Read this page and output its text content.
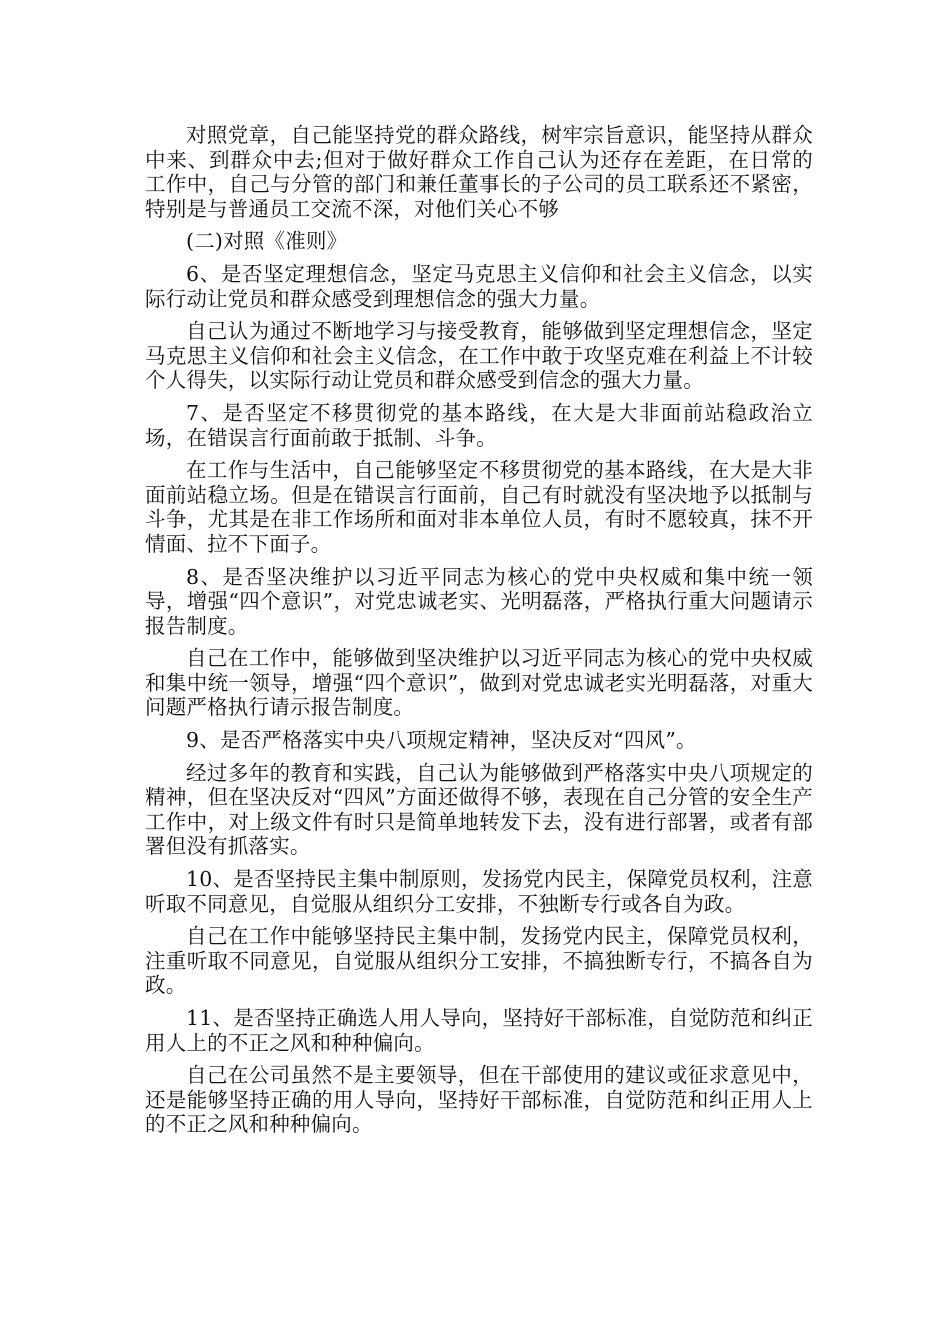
对照党章，自己能坚持党的群众路线，树牢宗旨意识，能坚持从群众中来、到群众中去;但对于做好群众工作自己认为还存在差距，在日常的工作中，自己与分管的部门和兼任董事长的子公司的员工联系还不紧密，特别是与普通员工交流不深，对他们关心不够

(二)对照《准则》

6、是否坚定理想信念，坚定马克思主义信仰和社会主义信念，以实际行动让党员和群众感受到理想信念的强大力量。

自己认为通过不断地学习与接受教育，能够做到坚定理想信念，坚定马克思主义信仰和社会主义信念，在工作中敢于攻坚克难在利益上不计较个人得失，以实际行动让党员和群众感受到信念的强大力量。

7、是否坚定不移贯彻党的基本路线，在大是大非面前站稳政治立场，在错误言行面前敢于抵制、斗争。

在工作与生活中，自己能够坚定不移贯彻党的基本路线，在大是大非面前站稳立场。但是在错误言行面前，自己有时就没有坚决地予以抵制与斗争，尤其是在非工作场所和面对非本单位人员，有时不愿较真，抹不开情面、拉不下面子。

8、是否坚决维护以习近平同志为核心的党中央权威和集中统一领导，增强“四个意识”，对党忠诚老实、光明磊落，严格执行重大问题请示报告制度。

自己在工作中，能够做到坚决维护以习近平同志为核心的党中央权威和集中统一领导，增强“四个意识”，做到对党忠诚老实光明磊落，对重大问题严格执行请示报告制度。

9、是否严格落实中央八项规定精神，坚决反对“四风”。

经过多年的教育和实践，自己认为能够做到严格落实中央八项规定的精神，但在坚决反对“四风”方面还做得不够，表现在自己分管的安全生产工作中，对上级文件有时只是简单地转发下去，没有进行部署，或者有部署但没有抓落实。

10、是否坚持民主集中制原则，发扬党内民主，保障党员权利，注意听取不同意见，自觉服从组织分工安排，不独断专行或各自为政。

自己在工作中能够坚持民主集中制，发扬党内民主，保障党员权利，注重听取不同意见，自觉服从组织分工安排，不搞独断专行，不搞各自为政。

11、是否坚持正确选人用人导向，坚持好干部标准，自觉防范和纠正用人上的不正之风和种种偏向。

自己在公司虽然不是主要领导，但在干部使用的建议或征求意见中，还是能够坚持正确的用人导向，坚持好干部标准，自觉防范和纠正用人上的不正之风和种种偏向。
